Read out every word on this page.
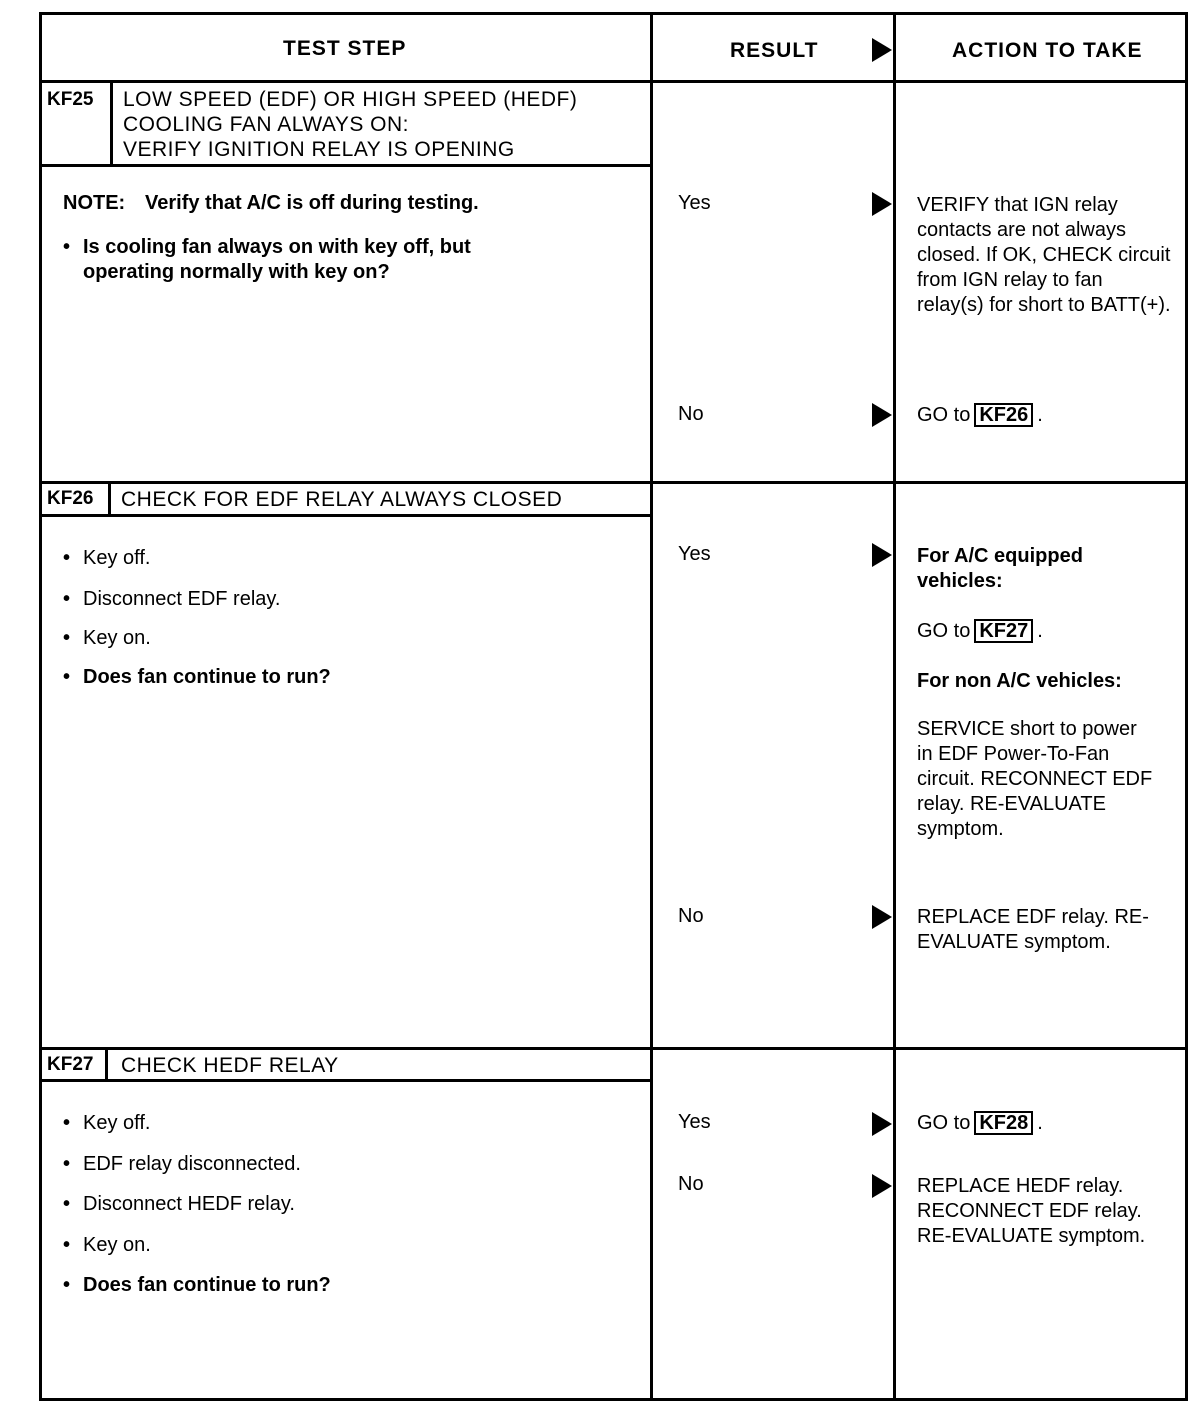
TEST STEP	RESULT	ACTION TO TAKE
KF25 LOW SPEED (EDF) OR HIGH SPEED (HEDF)
COOLING FAN ALWAYS ON:
VERIFY IGNITION RELAY IS OPENING
NOTE: Verify that A/C is off during testing.
• Is cooling fan always on with key off, but operating normally with key on?
Yes	VERIFY that IGN relay contacts are not always closed. If OK, CHECK circuit from IGN relay to fan relay(s) for short to BATT(+).
No	GO to KF26 .
KF26 CHECK FOR EDF RELAY ALWAYS CLOSED
• Key off.
• Disconnect EDF relay.
• Key on.
• Does fan continue to run?
Yes	For A/C equipped vehicles:
GO to KF27 .
For non A/C vehicles:
SERVICE short to power in EDF Power-To-Fan circuit. RECONNECT EDF relay. RE-EVALUATE symptom.
No	REPLACE EDF relay. RE-EVALUATE symptom.
KF27 CHECK HEDF RELAY
• Key off.
• EDF relay disconnected.
• Disconnect HEDF relay.
• Key on.
• Does fan continue to run?
Yes	GO to KF28 .
No	REPLACE HEDF relay. RECONNECT EDF relay. RE-EVALUATE symptom.
